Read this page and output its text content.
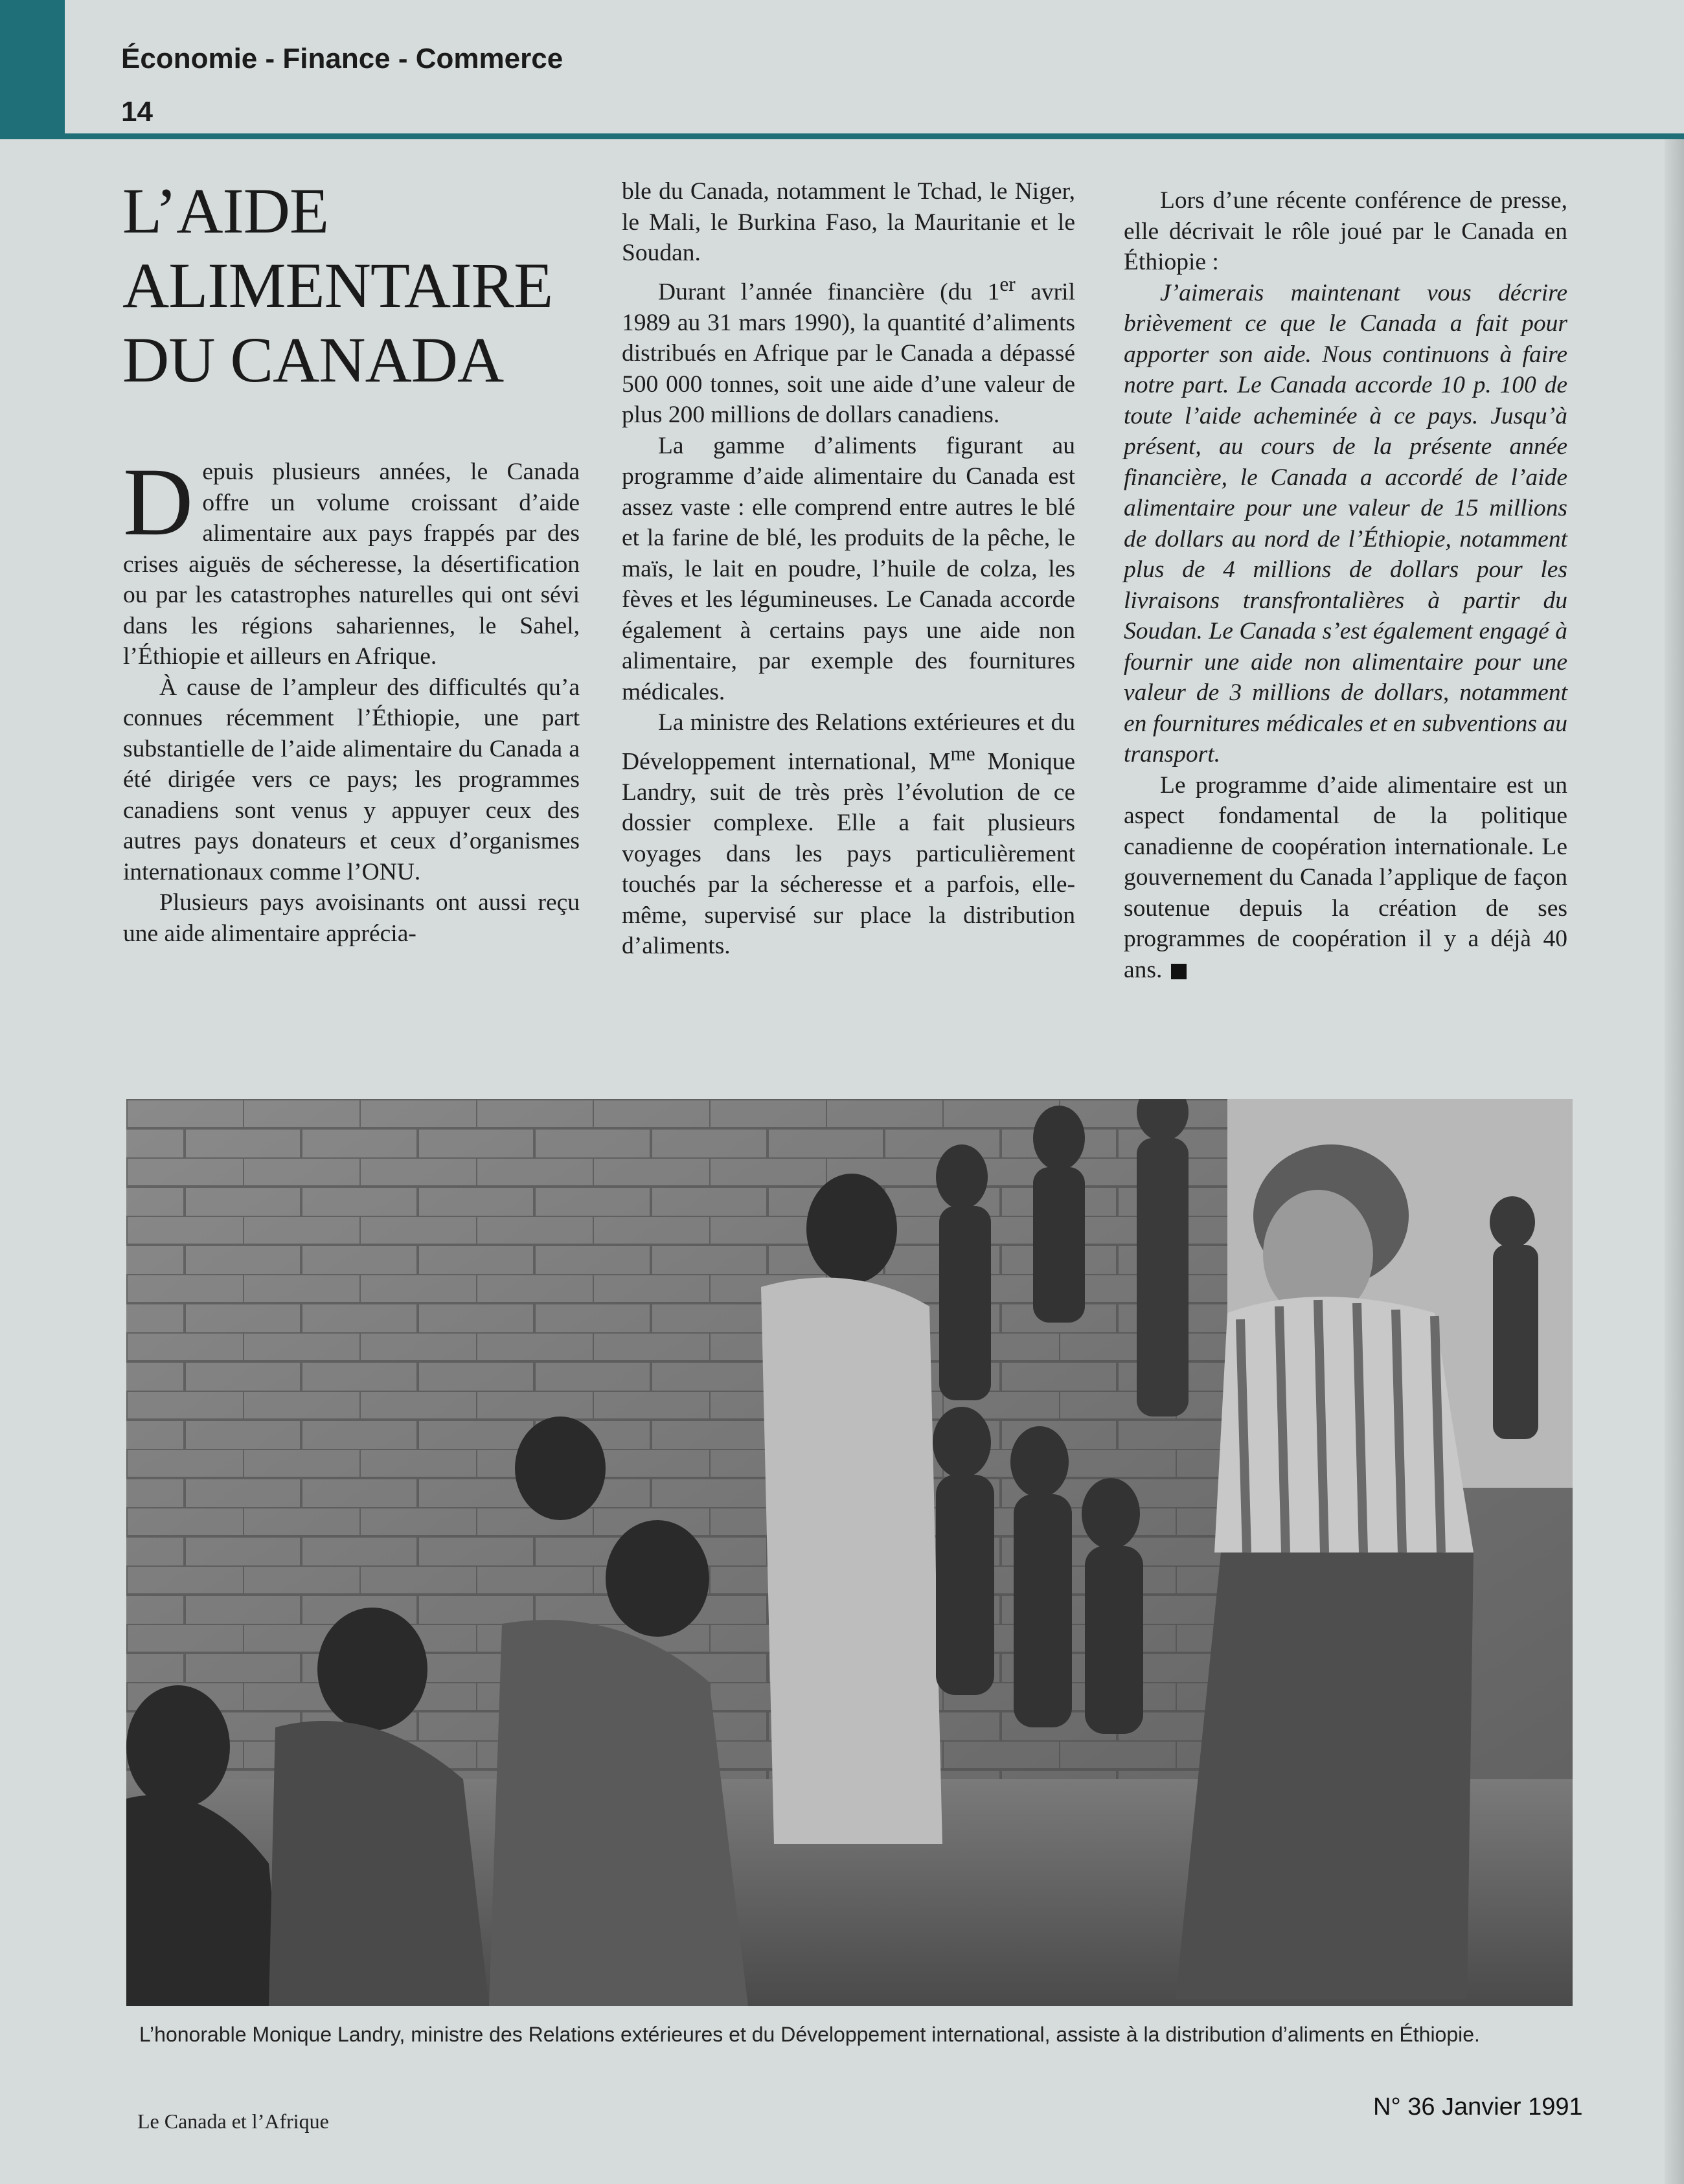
Économie - Finance - Commerce
14
L’AIDE
ALIMENTAIRE
DU CANADA

Depuis plusieurs années, le Canada offre un volume croissant d’aide alimentaire aux pays frappés par des crises aiguës de sécheresse, la désertification ou par les catastrophes naturelles qui ont sévi dans les régions sahariennes, le Sahel, l’Éthiopie et ailleurs en Afrique.

À cause de l’ampleur des difficultés qu’a connues récemment l’Éthiopie, une part substantielle de l’aide alimentaire du Canada a été dirigée vers ce pays; les programmes canadiens sont venus y appuyer ceux des autres pays donateurs et ceux d’organismes internationaux comme l’ONU.

Plusieurs pays avoisinants ont aussi reçu une aide alimentaire apprécia-

ble du Canada, notamment le Tchad, le Niger, le Mali, le Burkina Faso, la Mauritanie et le Soudan.

Durant l’année financière (du 1er avril 1989 au 31 mars 1990), la quantité d’aliments distribués en Afrique par le Canada a dépassé 500 000 tonnes, soit une aide d’une valeur de plus 200 millions de dollars canadiens.

La gamme d’aliments figurant au programme d’aide alimentaire du Canada est assez vaste : elle comprend entre autres le blé et la farine de blé, les produits de la pêche, le maïs, le lait en poudre, l’huile de colza, les fèves et les légumineuses. Le Canada accorde également à certains pays une aide non alimentaire, par exemple des fournitures médicales.

La ministre des Relations extérieures et du Développement international, $M^{me}$ Monique Landry, suit de très près l’évolution de ce dossier complexe. Elle a fait plusieurs voyages dans les pays particulièrement touchés par la sécheresse et a parfois, elle-même, supervisé sur place la distribution d’aliments.

Lors d’une récente conférence de presse, elle décrivait le rôle joué par le Canada en Éthiopie :

J’aimerais maintenant vous décrire brièvement ce que le Canada a fait pour apporter son aide. Nous continuons à faire notre part. Le Canada accorde 10 p. 100 de toute l’aide acheminée à ce pays. Jusqu’à présent, au cours de la présente année financière, le Canada a accordé de l’aide alimentaire pour une valeur de 15 millions de dollars au nord de l’Éthiopie, notamment plus de 4 millions de dollars pour les livraisons transfrontalières à partir du Soudan. Le Canada s’est également engagé à fournir une aide non alimentaire pour une valeur de 3 millions de dollars, notamment en fournitures médicales et en subventions au transport.

Le programme d’aide alimentaire est un aspect fondamental de la politique canadienne de coopération internationale. Le gouvernement du Canada l’applique de façon soutenue depuis la création de ses programmes de coopération il y a déjà 40 ans.

L’honorable Monique Landry, ministre des Relations extérieures et du Développement international, assiste à la distribution d’aliments en Éthiopie.
Le Canada et l’Afrique
N° 36 Janvier 1991
